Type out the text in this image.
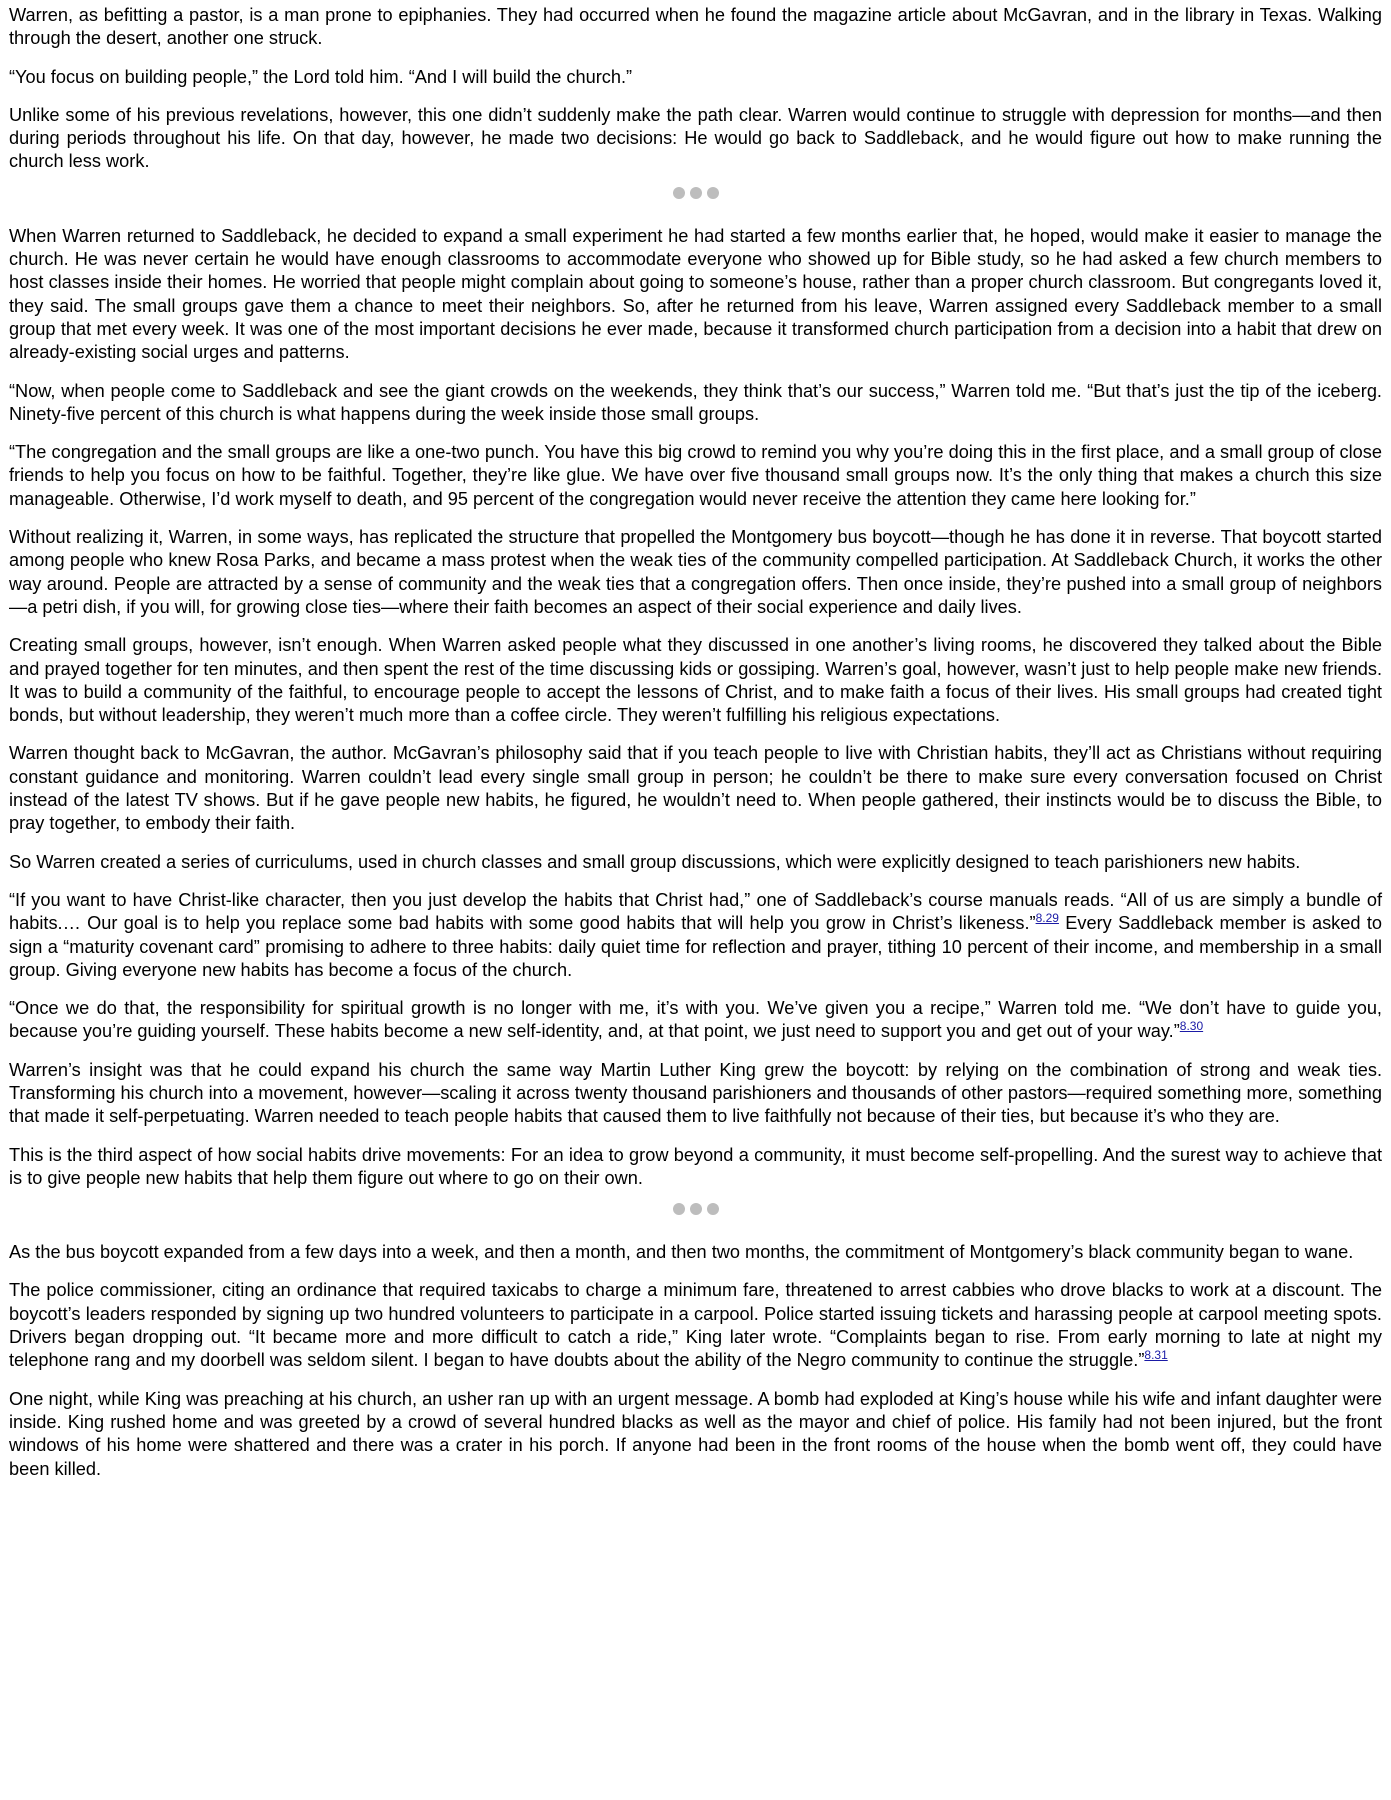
Warren, as befitting a pastor, is a man prone to epiphanies. They had occurred when he found the magazine article about McGavran, and in the library in Texas. Walking through the desert, another one struck.

“You focus on building people,” the Lord told him. “And I will build the church.”

Unlike some of his previous revelations, however, this one didn’t suddenly make the path clear. Warren would continue to struggle with depression for months—and then during periods throughout his life. On that day, however, he made two decisions: He would go back to Saddleback, and he would figure out how to make running the church less work.

When Warren returned to Saddleback, he decided to expand a small experiment he had started a few months earlier that, he hoped, would make it easier to manage the church. He was never certain he would have enough classrooms to accommodate everyone who showed up for Bible study, so he had asked a few church members to host classes inside their homes. He worried that people might complain about going to someone’s house, rather than a proper church classroom. But congregants loved it, they said. The small groups gave them a chance to meet their neighbors. So, after he returned from his leave, Warren assigned every Saddleback member to a small group that met every week. It was one of the most important decisions he ever made, because it transformed church participation from a decision into a habit that drew on already-existing social urges and patterns.

“Now, when people come to Saddleback and see the giant crowds on the weekends, they think that’s our success,” Warren told me. “But that’s just the tip of the iceberg. Ninety-five percent of this church is what happens during the week inside those small groups.

“The congregation and the small groups are like a one-two punch. You have this big crowd to remind you why you’re doing this in the first place, and a small group of close friends to help you focus on how to be faithful. Together, they’re like glue. We have over five thousand small groups now. It’s the only thing that makes a church this size manageable. Otherwise, I’d work myself to death, and 95 percent of the congregation would never receive the attention they came here looking for.”

Without realizing it, Warren, in some ways, has replicated the structure that propelled the Montgomery bus boycott—though he has done it in reverse. That boycott started among people who knew Rosa Parks, and became a mass protest when the weak ties of the community compelled participation. At Saddleback Church, it works the other way around. People are attracted by a sense of community and the weak ties that a congregation offers. Then once inside, they’re pushed into a small group of neighbors—a petri dish, if you will, for growing close ties—where their faith becomes an aspect of their social experience and daily lives.

Creating small groups, however, isn’t enough. When Warren asked people what they discussed in one another’s living rooms, he discovered they talked about the Bible and prayed together for ten minutes, and then spent the rest of the time discussing kids or gossiping. Warren’s goal, however, wasn’t just to help people make new friends. It was to build a community of the faithful, to encourage people to accept the lessons of Christ, and to make faith a focus of their lives. His small groups had created tight bonds, but without leadership, they weren’t much more than a coffee circle. They weren’t fulfilling his religious expectations.

Warren thought back to McGavran, the author. McGavran’s philosophy said that if you teach people to live with Christian habits, they’ll act as Christians without requiring constant guidance and monitoring. Warren couldn’t lead every single small group in person; he couldn’t be there to make sure every conversation focused on Christ instead of the latest TV shows. But if he gave people new habits, he figured, he wouldn’t need to. When people gathered, their instincts would be to discuss the Bible, to pray together, to embody their faith.

So Warren created a series of curriculums, used in church classes and small group discussions, which were explicitly designed to teach parishioners new habits.

“If you want to have Christ-like character, then you just develop the habits that Christ had,” one of Saddleback’s course manuals reads. “All of us are simply a bundle of habits.… Our goal is to help you replace some bad habits with some good habits that will help you grow in Christ’s likeness.”$^{8.29}$ Every Saddleback member is asked to sign a “maturity covenant card” promising to adhere to three habits: daily quiet time for reflection and prayer, tithing 10 percent of their income, and membership in a small group. Giving everyone new habits has become a focus of the church.

“Once we do that, the responsibility for spiritual growth is no longer with me, it’s with you. We’ve given you a recipe,” Warren told me. “We don’t have to guide you, because you’re guiding yourself. These habits become a new self-identity, and, at that point, we just need to support you and get out of your way.”$^{8.30}$

Warren’s insight was that he could expand his church the same way Martin Luther King grew the boycott: by relying on the combination of strong and weak ties. Transforming his church into a movement, however—scaling it across twenty thousand parishioners and thousands of other pastors—required something more, something that made it self-perpetuating. Warren needed to teach people habits that caused them to live faithfully not because of their ties, but because it’s who they are.

This is the third aspect of how social habits drive movements: For an idea to grow beyond a community, it must become self-propelling. And the surest way to achieve that is to give people new habits that help them figure out where to go on their own.

As the bus boycott expanded from a few days into a week, and then a month, and then two months, the commitment of Montgomery’s black community began to wane.

The police commissioner, citing an ordinance that required taxicabs to charge a minimum fare, threatened to arrest cabbies who drove blacks to work at a discount. The boycott’s leaders responded by signing up two hundred volunteers to participate in a carpool. Police started issuing tickets and harassing people at carpool meeting spots. Drivers began dropping out. “It became more and more difficult to catch a ride,” King later wrote. “Complaints began to rise. From early morning to late at night my telephone rang and my doorbell was seldom silent. I began to have doubts about the ability of the Negro community to continue the struggle.”$^{8.31}$

One night, while King was preaching at his church, an usher ran up with an urgent message. A bomb had exploded at King’s house while his wife and infant daughter were inside. King rushed home and was greeted by a crowd of several hundred blacks as well as the mayor and chief of police. His family had not been injured, but the front windows of his home were shattered and there was a crater in his porch. If anyone had been in the front rooms of the house when the bomb went off, they could have been killed.
